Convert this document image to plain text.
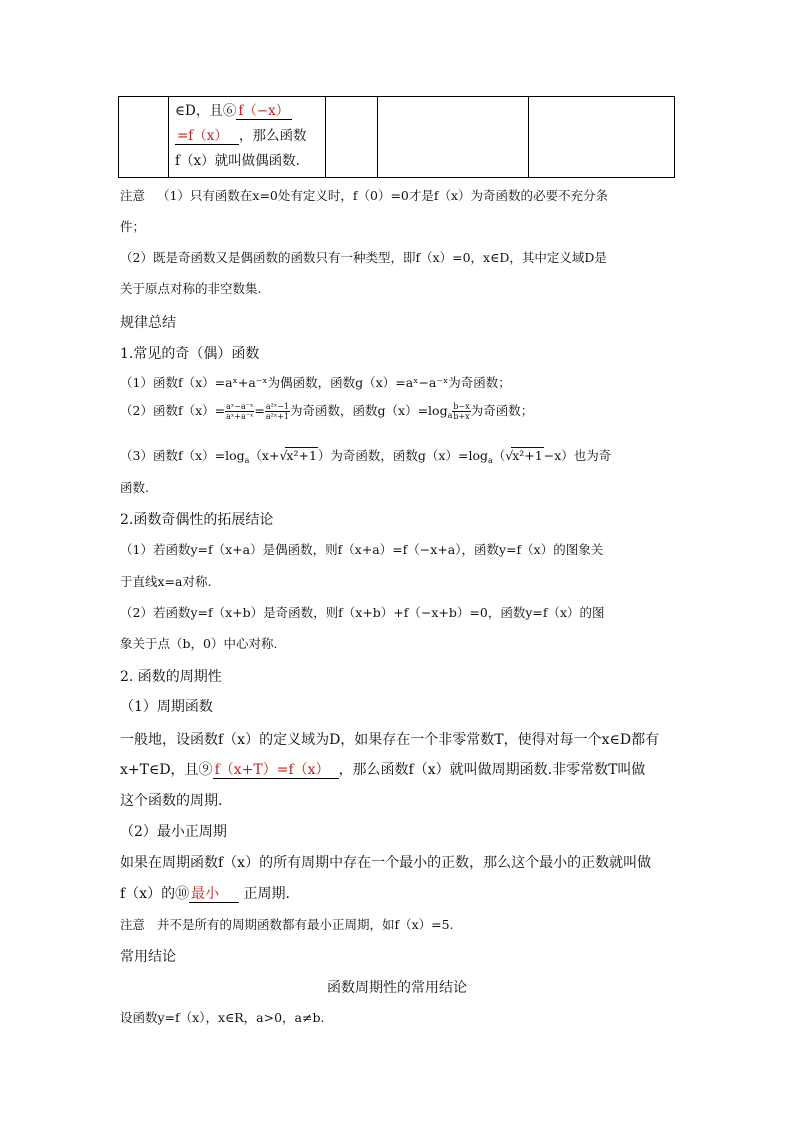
∈D，且⑥ f（−x）
=f（x） ，那么函数
f（x）就叫做偶函数.

注意 （1）只有函数在x=0处有定义时，f（0）=0才是f（x）为奇函数的必要不充分条
件；
（2）既是奇函数又是偶函数的函数只有一种类型，即f（x）=0，x∈D，其中定义域D是
关于原点对称的非空数集.
规律总结
1.常见的奇（偶）函数
（1）函数f（x）=aˣ+a⁻ˣ为偶函数，函数g（x）=aˣ−a⁻ˣ为奇函数；
（2）函数$f(x)= \frac{\text{aˣ−a⁻ˣ}}{\text{aˣ+a⁻ˣ}} = \frac{\text{a²ˣ−1}}{\text{a²ˣ+1}}$ 为奇函数，函数$g(x)=\log_a \frac{b-x}{b+x}$ 为奇函数；
（3）函数$f(x)=\log_a(x+√x^2+1)$为奇函数，函数$g(x)=\log_a(√x^2+1-x)$也为奇
函数.
2.函数奇偶性的拓展结论
（1）若函数y=f（x+a）是偶函数，则f（x+a）=f（−x+a），函数y=f（x）的图象关
于直线x=a对称.
（2）若函数y=f（x+b）是奇函数，则f（x+b）+f（−x+b）=0，函数y=f（x）的图
象关于点（b，0）中心对称.
2. 函数的周期性
（1）周期函数
一般地，设函数f（x）的定义域为D，如果存在一个非零常数T，使得对每一个x∈D都有
x+T∈D，且⑨ f（x+T）=f（x） ，那么函数f（x）就叫做周期函数.非零常数T叫做
这个函数的周期.
（2）最小正周期
如果在周期函数f（x）的所有周期中存在一个最小的正数，那么这个最小的正数就叫做
f（x）的⑩ 最小 正周期.
注意 并不是所有的周期函数都有最小正周期，如f（x）=5.
常用结论
函数周期性的常用结论
设函数y=f（x），x∈R，a>0，a≠b.
